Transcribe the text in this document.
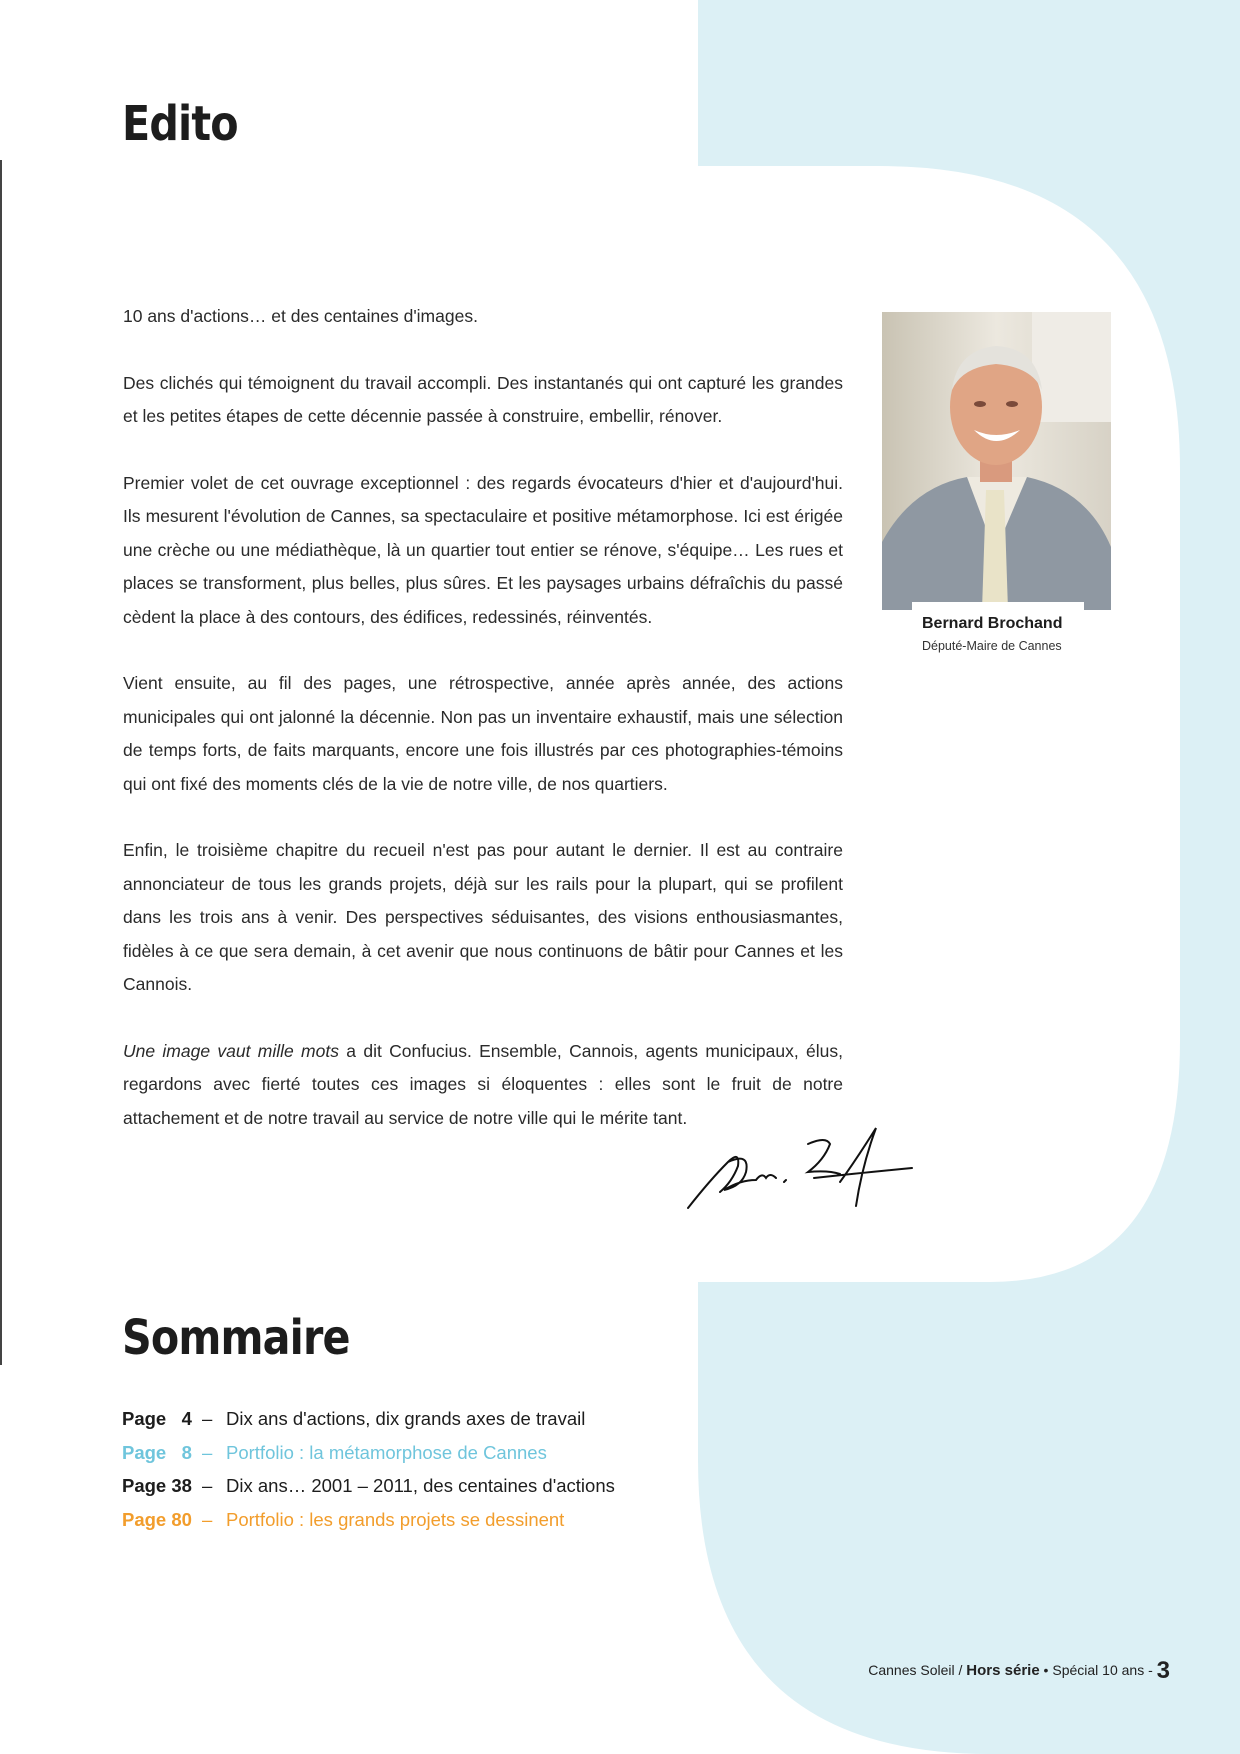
Edito

10 ans d'actions… et des centaines d'images.

Des clichés qui témoignent du travail accompli. Des instantanés qui ont capturé les grandes et les petites étapes de cette décennie passée à construire, embellir, rénover.

Premier volet de cet ouvrage exceptionnel : des regards évocateurs d'hier et d'aujourd'hui. Ils mesurent l'évolution de Cannes, sa spectaculaire et positive métamorphose. Ici est érigée une crèche ou une médiathèque, là un quartier tout entier se rénove, s'équipe… Les rues et places se transforment, plus belles, plus sûres. Et les paysages urbains défraîchis du passé cèdent la place à des contours, des édifices, redessinés, réinventés.

Vient ensuite, au fil des pages, une rétrospective, année après année, des actions municipales qui ont jalonné la décennie. Non pas un inventaire exhaustif, mais une sélection de temps forts, de faits marquants, encore une fois illustrés par ces photographies-témoins qui ont fixé des moments clés de la vie de notre ville, de nos quartiers.

Enfin, le troisième chapitre du recueil n'est pas pour autant le dernier. Il est au contraire annonciateur de tous les grands projets, déjà sur les rails pour la plupart, qui se profilent dans les trois ans à venir. Des perspectives séduisantes, des visions enthousiasmantes, fidèles à ce que sera demain, à cet avenir que nous continuons de bâtir pour Cannes et les Cannois.

Une image vaut mille mots a dit Confucius. Ensemble, Cannois, agents municipaux, élus, regardons avec fierté toutes ces images si éloquentes : elles sont le fruit de notre attachement et de notre travail au service de notre ville qui le mérite tant.

Bernard Brochand
Député-Maire de Cannes
Sommaire
Page   4 – Dix ans d'actions, dix grands axes de travail
Page   8 – Portfolio : la métamorphose de Cannes
Page 38 – Dix ans… 2001 – 2011, des centaines d'actions
Page 80 – Portfolio : les grands projets se dessinent
Cannes Soleil / Hors série • Spécial 10 ans - 3
